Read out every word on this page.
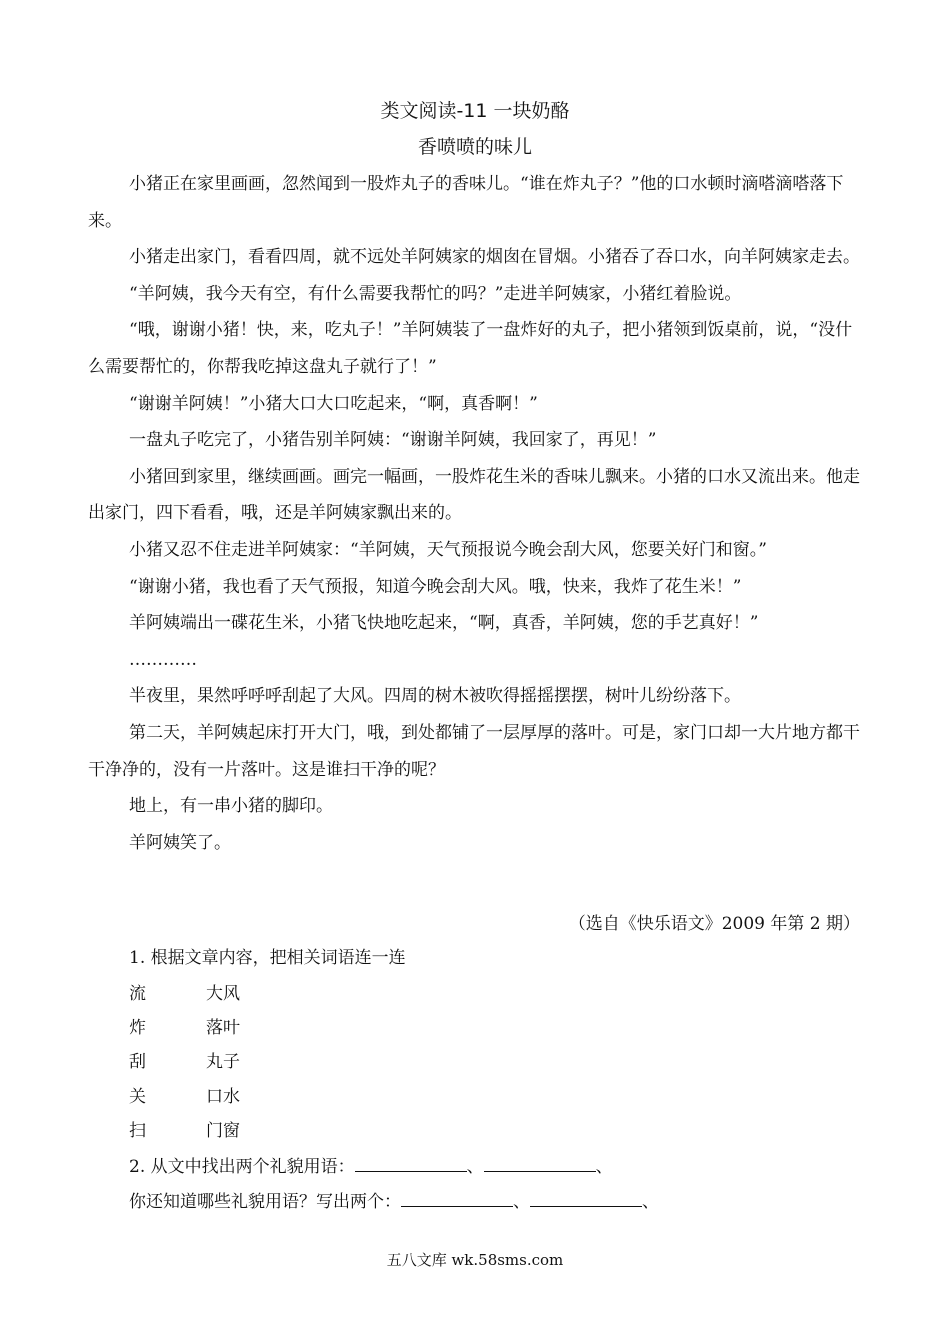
类文阅读-11 一块奶酪
香喷喷的味儿

小猪正在家里画画，忽然闻到一股炸丸子的香味儿。“谁在炸丸子？”他的口水顿时滴嗒滴嗒落下来。

小猪走出家门，看看四周，就不远处羊阿姨家的烟囱在冒烟。小猪吞了吞口水，向羊阿姨家走去。

“羊阿姨，我今天有空，有什么需要我帮忙的吗？”走进羊阿姨家，小猪红着脸说。

“哦，谢谢小猪！快，来，吃丸子！”羊阿姨装了一盘炸好的丸子，把小猪领到饭桌前，说，“没什么需要帮忙的，你帮我吃掉这盘丸子就行了！”

“谢谢羊阿姨！”小猪大口大口吃起来，“啊，真香啊！”

一盘丸子吃完了，小猪告别羊阿姨：“谢谢羊阿姨，我回家了，再见！”

小猪回到家里，继续画画。画完一幅画，一股炸花生米的香味儿飘来。小猪的口水又流出来。他走出家门，四下看看，哦，还是羊阿姨家飘出来的。

小猪又忍不住走进羊阿姨家：“羊阿姨，天气预报说今晚会刮大风，您要关好门和窗。”

“谢谢小猪，我也看了天气预报，知道今晚会刮大风。哦，快来，我炸了花生米！”

羊阿姨端出一碟花生米，小猪飞快地吃起来，“啊，真香，羊阿姨，您的手艺真好！”

…………

半夜里，果然呼呼呼刮起了大风。四周的树木被吹得摇摇摆摆，树叶儿纷纷落下。

第二天，羊阿姨起床打开大门，哦，到处都铺了一层厚厚的落叶。可是，家门口却一大片地方都干干净净的，没有一片落叶。这是谁扫干净的呢？

地上，有一串小猪的脚印。

羊阿姨笑了。

（选自《快乐语文》2009 年第 2 期）
1. 根据文章内容，把相关词语连一连
流	大风
炸	落叶
刮	丸子
关	口水
扫	门窗
2. 从文中找出两个礼貌用语：	、	、
你还知道哪些礼貌用语？写出两个：	、	、
五八文库 wk.58sms.com
